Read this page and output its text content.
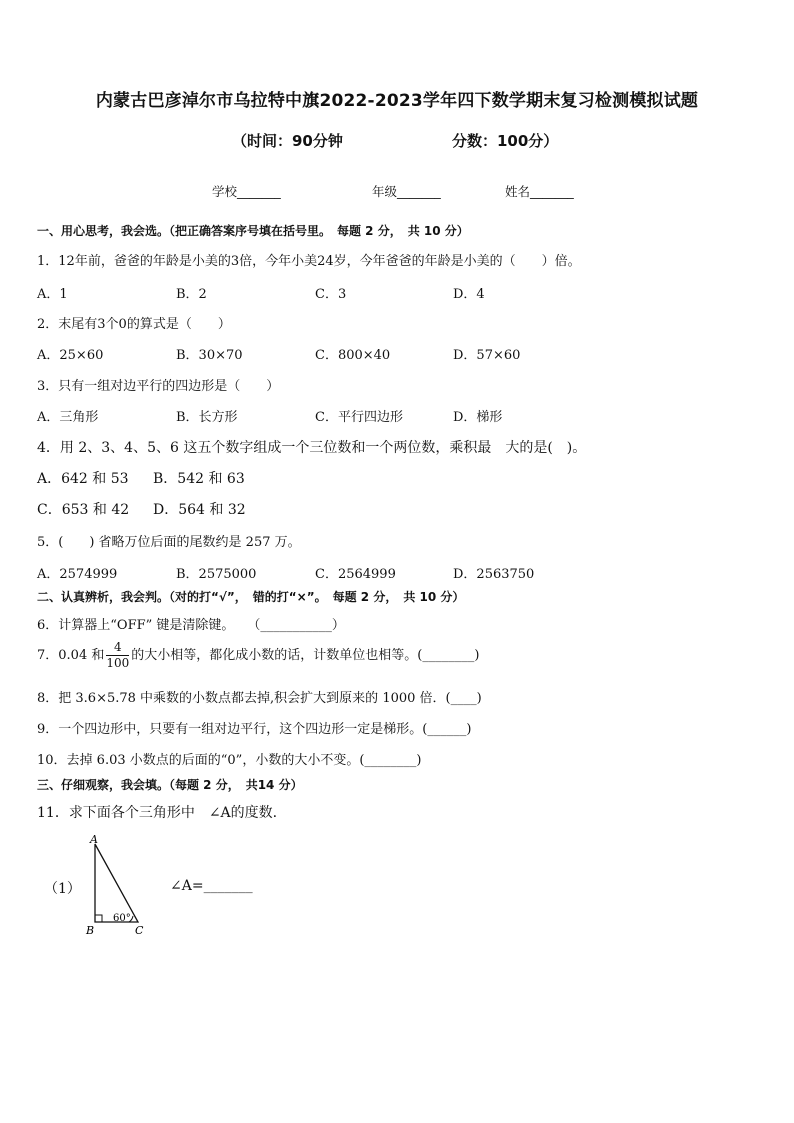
内蒙古巴彦淖尔市乌拉特中旗2022-2023学年四下数学期末复习检测模拟试题
（时间：90分钟	分数：100分）
学校_______	年级_______	姓名_______
一、用心思考，我会选。（把正确答案序号填在括号里。　每题 2 分，　共 10 分）
1．12年前，爸爸的年龄是小美的3倍，今年小美24岁，今年爸爸的年龄是小美的（　　）倍。
A．1	B．2	C．3	D．4
2．末尾有3个0的算式是（　　）
A．25×60	B．30×70	C．800×40	D．57×60
3．只有一组对边平行的四边形是（　　）
A．三角形	B．长方形	C．平行四边形	D．梯形
4．用 2、3、4、5、6 这五个数字组成一个三位数和一个两位数，乘积最　大的是(　)。
A．642 和 53 B．542 和 63
C．653 和 42 D．564 和 32
5．(　　) 省略万位后面的尾数约是 257 万。
A．2574999	B．2575000	C．2564999	D．2563750
二、认真辨析，我会判。（对的打“√”，　错的打“×”。　每题 2 分，　共 10 分）
6．计算器上“OFF” 键是清除键。　　（___________）
7．0.04 和 $\frac{4}{100}$ 的大小相等，都化成小数的话，计数单位也相等。(________)
8．把 3.6×5.78 中乘数的小数点都去掉,积会扩大到原来的 1000 倍．(____)
9．一个四边形中，只要有一组对边平行，这个四边形一定是梯形。(______)
10．去掉 6.03 小数点的后面的“0”，小数的大小不变。(________)
三、仔细观察，我会填。（每题 2 分，　共14 分）
11．求下面各个三角形中　∠A的度数.
（1）
A
B	C
60°
∠A=_______
